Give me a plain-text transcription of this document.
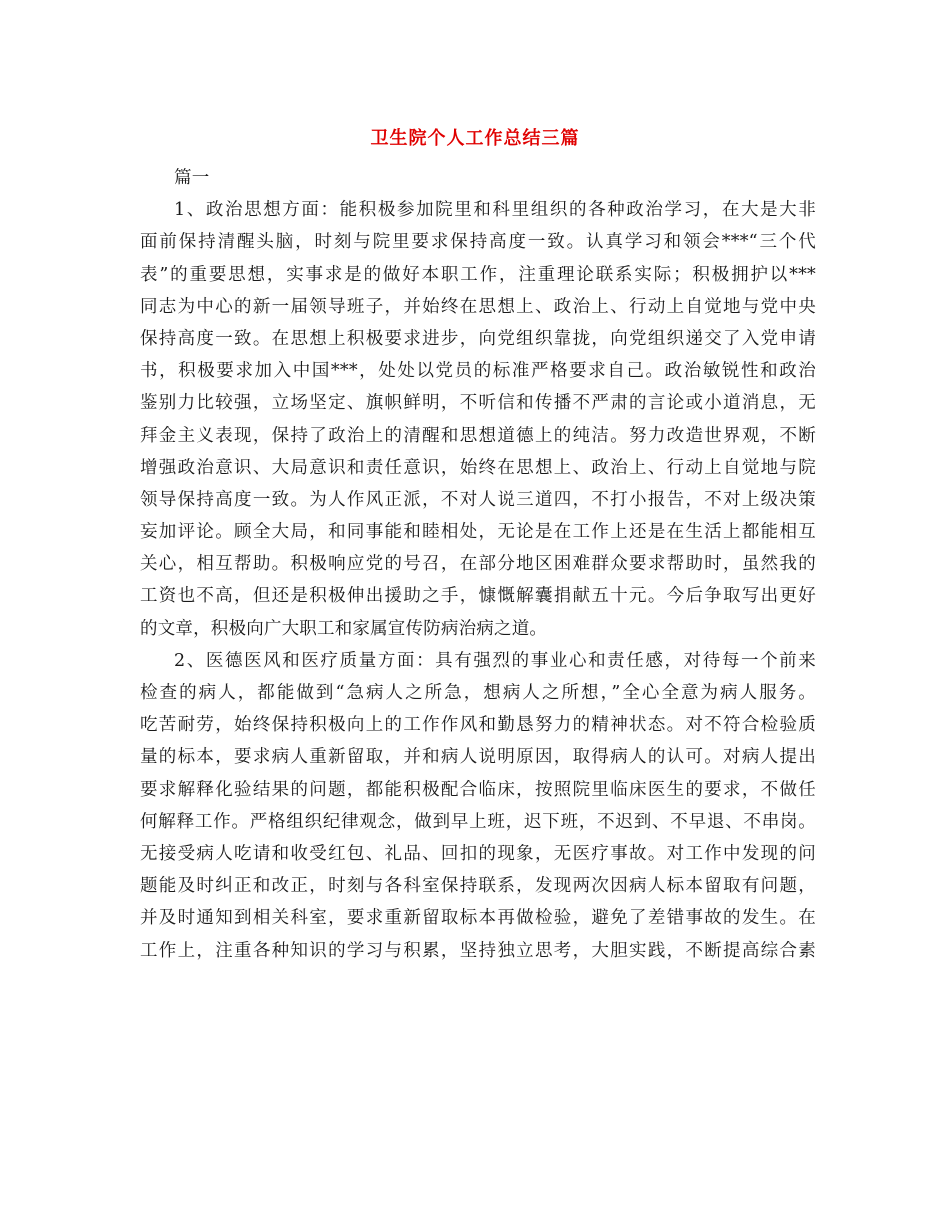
卫生院个人工作总结三篇
篇一
1、政治思想方面：能积极参加院里和科里组织的各种政治学习，在大是大非
面前保持清醒头脑，时刻与院里要求保持高度一致。认真学习和领会***“三个代
表”的重要思想，实事求是的做好本职工作，注重理论联系实际；积极拥护以***
同志为中心的新一届领导班子，并始终在思想上、政治上、行动上自觉地与党中央
保持高度一致。在思想上积极要求进步，向党组织靠拢，向党组织递交了入党申请
书，积极要求加入中国***，处处以党员的标准严格要求自己。政治敏锐性和政治
鉴别力比较强，立场坚定、旗帜鲜明，不听信和传播不严肃的言论或小道消息，无
拜金主义表现，保持了政治上的清醒和思想道德上的纯洁。努力改造世界观，不断
增强政治意识、大局意识和责任意识，始终在思想上、政治上、行动上自觉地与院
领导保持高度一致。为人作风正派，不对人说三道四，不打小报告，不对上级决策
妄加评论。顾全大局，和同事能和睦相处，无论是在工作上还是在生活上都能相互
关心，相互帮助。积极响应党的号召，在部分地区困难群众要求帮助时，虽然我的
工资也不高，但还是积极伸出援助之手，慷慨解囊捐献五十元。今后争取写出更好
的文章，积极向广大职工和家属宣传防病治病之道。
2、医德医风和医疗质量方面：具有强烈的事业心和责任感，对待每一个前来
检查的病人，都能做到“急病人之所急，想病人之所想，”全心全意为病人服务。
吃苦耐劳，始终保持积极向上的工作作风和勤恳努力的精神状态。对不符合检验质
量的标本，要求病人重新留取，并和病人说明原因，取得病人的认可。对病人提出
要求解释化验结果的问题，都能积极配合临床，按照院里临床医生的要求，不做任
何解释工作。严格组织纪律观念，做到早上班，迟下班，不迟到、不早退、不串岗。
无接受病人吃请和收受红包、礼品、回扣的现象，无医疗事故。对工作中发现的问
题能及时纠正和改正，时刻与各科室保持联系，发现两次因病人标本留取有问题，
并及时通知到相关科室，要求重新留取标本再做检验，避免了差错事故的发生。在
工作上，注重各种知识的学习与积累，坚持独立思考，大胆实践，不断提高综合素
